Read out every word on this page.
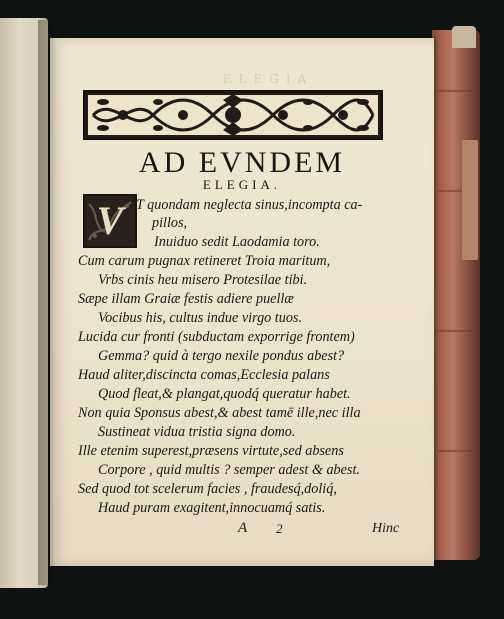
ELEGIA
AD EVNDEM
ELEGIA.
V T quondam neglecta sinus,incompta ca-
pillos,
Inuiduo sedit Laodamia toro.
Cum carum pugnax retineret Troia maritum,
Vrbs cinis heu misero Protesilae tibi.
Sæpe illam Graiæ festis adiere puellæ
Vocibus his, cultus indue virgo tuos.
Lucida cur fronti (subductam exporrige frontem)
Gemma? quid à tergo nexile pondus abest?
Haud aliter,discincta comas,Ecclesia palans
Quod fleat,& plangat,quodq́ queratur habet.
Non quia Sponsus abest,& abest tamē ille,nec illa
Sustineat vidua tristia signa domo.
Ille etenim superest,præsens virtute,sed absens
Corpore , quid multis ? semper adest & abest.
Sed quod tot scelerum facies , fraudesq́,doliq́,
Haud puram exagitent,innocuamq́ satis.
A 2	Hinc
